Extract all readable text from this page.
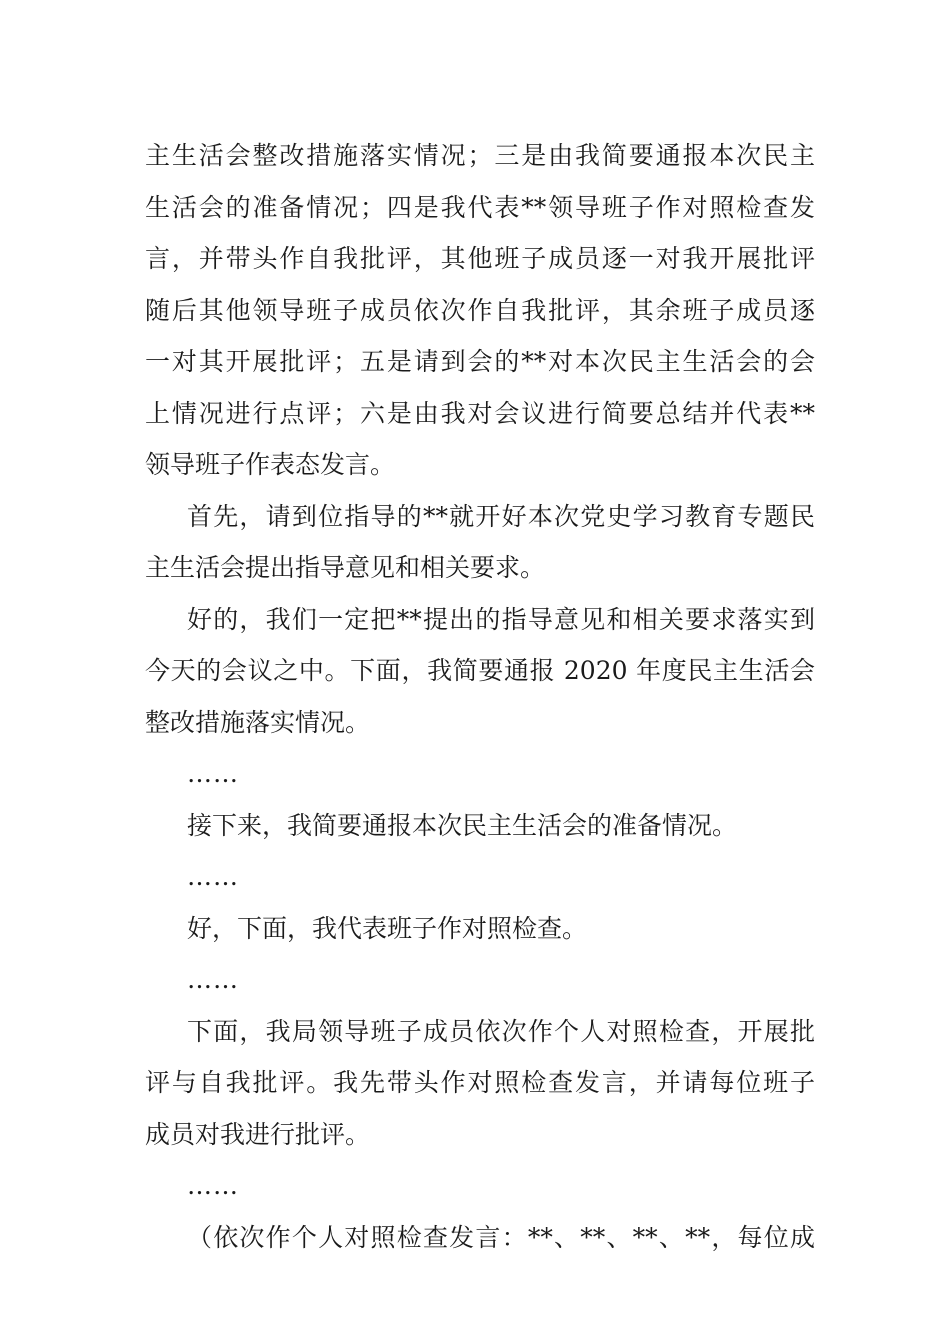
主生活会整改措施落实情况；三是由我简要通报本次民主
生活会的准备情况；四是我代表**领导班子作对照检查发
言，并带头作自我批评，其他班子成员逐一对我开展批评
随后其他领导班子成员依次作自我批评，其余班子成员逐
一对其开展批评；五是请到会的**对本次民主生活会的会
上情况进行点评；六是由我对会议进行简要总结并代表**
领导班子作表态发言。

首先，请到位指导的**就开好本次党史学习教育专题民
主生活会提出指导意见和相关要求。

好的，我们一定把**提出的指导意见和相关要求落实到
今天的会议之中。下面，我简要通报 2020 年度民主生活会
整改措施落实情况。

……

接下来，我简要通报本次民主生活会的准备情况。

……

好，下面，我代表班子作对照检查。

……

下面，我局领导班子成员依次作个人对照检查，开展批
评与自我批评。我先带头作对照检查发言，并请每位班子
成员对我进行批评。

……

（依次作个人对照检查发言：**、**、**、**，每位成
